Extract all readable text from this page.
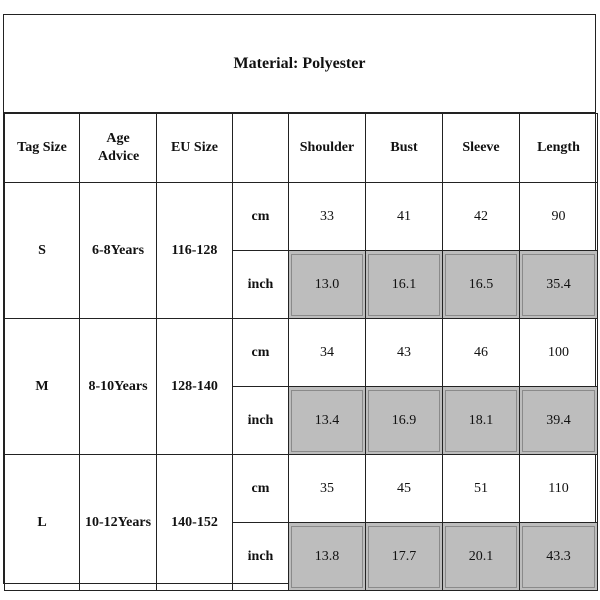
Material: Polyester
Tag Size	Age Advice	EU Size		Shoulder	Bust	Sleeve	Length
S	6-8Years	116-128	cm	33	41	42	90
			inch	13.0	16.1	16.5	35.4

M	8-10Years	128-140	cm	34	43	46	100
			inch	13.4	16.9	18.1	39.4

L	10-12Years	140-152	cm	35	45	51	110
			inch	13.8	17.7	20.1	43.3
